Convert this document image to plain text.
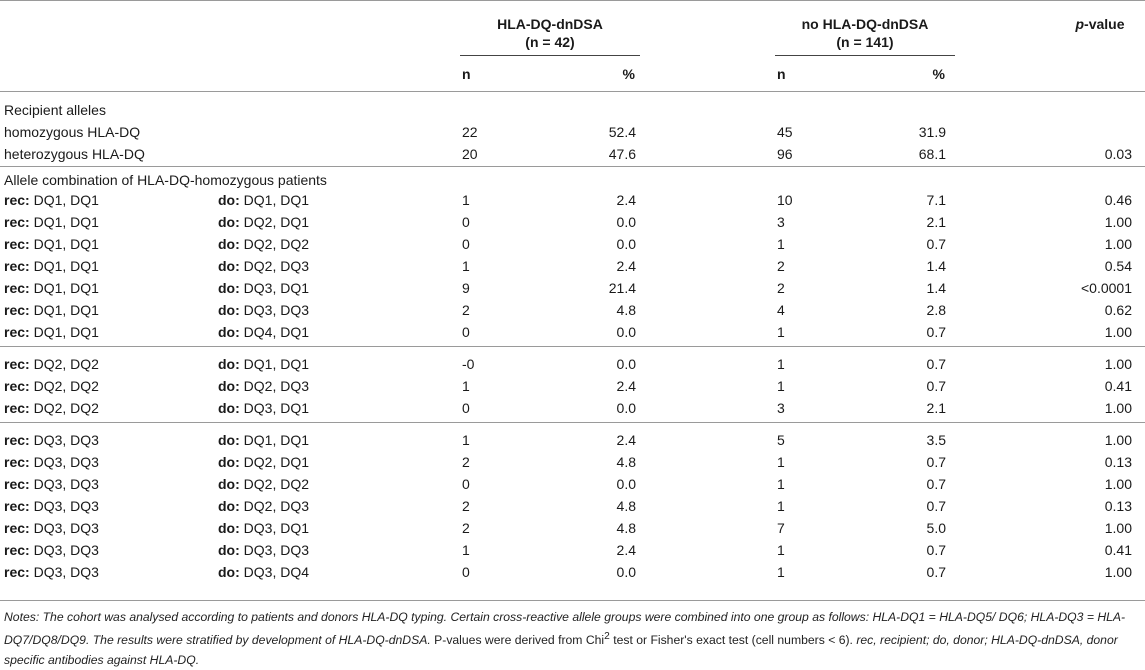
HLA-DQ-dnDSA
(n = 42)
no HLA-DQ-dnDSA
(n = 141)
p-value
n	%	n	%
Recipient alleles
homozygous HLA-DQ	22	52.4	45	31.9
heterozygous HLA-DQ	20	47.6	96	68.1	0.03
Allele combination of HLA-DQ-homozygous patients
rec: DQ1, DQ1	do: DQ1, DQ1	1	2.4	10	7.1	0.46
rec: DQ1, DQ1	do: DQ2, DQ1	0	0.0	3	2.1	1.00
rec: DQ1, DQ1	do: DQ2, DQ2	0	0.0	1	0.7	1.00
rec: DQ1, DQ1	do: DQ2, DQ3	1	2.4	2	1.4	0.54
rec: DQ1, DQ1	do: DQ3, DQ1	9	21.4	2	1.4	<0.0001
rec: DQ1, DQ1	do: DQ3, DQ3	2	4.8	4	2.8	0.62
rec: DQ1, DQ1	do: DQ4, DQ1	0	0.0	1	0.7	1.00
rec: DQ2, DQ2	do: DQ1, DQ1	-0	0.0	1	0.7	1.00
rec: DQ2, DQ2	do: DQ2, DQ3	1	2.4	1	0.7	0.41
rec: DQ2, DQ2	do: DQ3, DQ1	0	0.0	3	2.1	1.00
rec: DQ3, DQ3	do: DQ1, DQ1	1	2.4	5	3.5	1.00
rec: DQ3, DQ3	do: DQ2, DQ1	2	4.8	1	0.7	0.13
rec: DQ3, DQ3	do: DQ2, DQ2	0	0.0	1	0.7	1.00
rec: DQ3, DQ3	do: DQ2, DQ3	2	4.8	1	0.7	0.13
rec: DQ3, DQ3	do: DQ3, DQ1	2	4.8	7	5.0	1.00
rec: DQ3, DQ3	do: DQ3, DQ3	1	2.4	1	0.7	0.41
rec: DQ3, DQ3	do: DQ3, DQ4	0	0.0	1	0.7	1.00
Notes: The cohort was analysed according to patients and donors HLA-DQ typing. Certain cross-reactive allele groups were combined into one group as follows: HLA-DQ1 = HLA-DQ5/ DQ6; HLA-DQ3 = HLA-DQ7/DQ8/DQ9. The results were stratified by development of HLA-DQ-dnDSA. P-values were derived from Chi$^2$ test or Fisher's exact test (cell numbers < 6). rec, recipient; do, donor; HLA-DQ-dnDSA, donor specific antibodies against HLA-DQ.
